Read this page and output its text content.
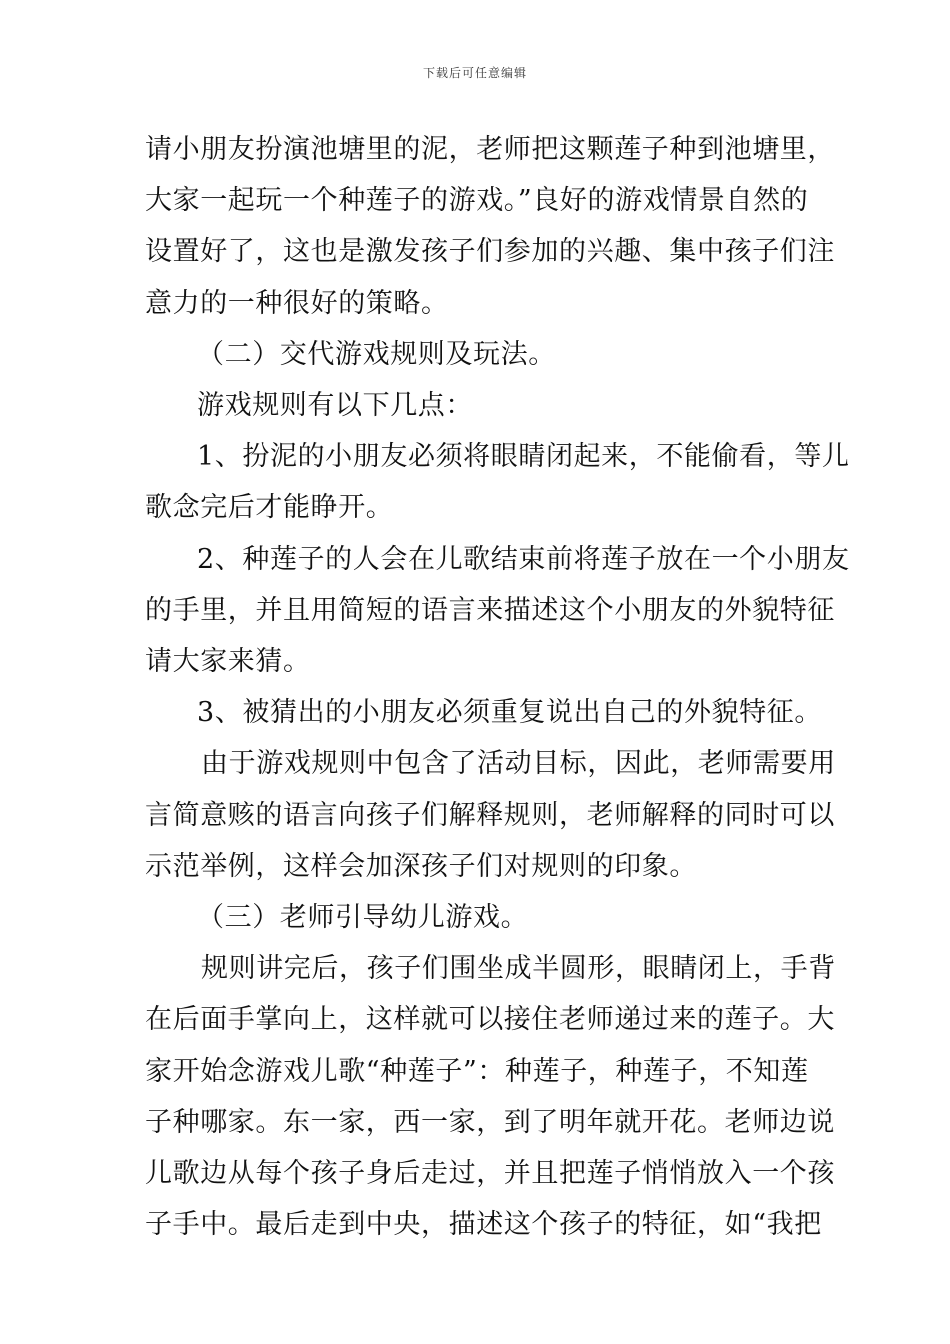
下载后可任意编辑
请小朋友扮演池塘里的泥，老师把这颗莲子种到池塘里，
大家一起玩一个种莲子的游戏。”良好的游戏情景自然的
设置好了，这也是激发孩子们参加的兴趣、集中孩子们注
意力的一种很好的策略。
（二）交代游戏规则及玩法。
游戏规则有以下几点：
1、扮泥的小朋友必须将眼睛闭起来，不能偷看，等儿
歌念完后才能睁开。
2、种莲子的人会在儿歌结束前将莲子放在一个小朋友
的手里，并且用简短的语言来描述这个小朋友的外貌特征
请大家来猜。
3、被猜出的小朋友必须重复说出自己的外貌特征。
由于游戏规则中包含了活动目标，因此，老师需要用
言简意赅的语言向孩子们解释规则，老师解释的同时可以
示范举例，这样会加深孩子们对规则的印象。
（三）老师引导幼儿游戏。
规则讲完后，孩子们围坐成半圆形，眼睛闭上，手背
在后面手掌向上，这样就可以接住老师递过来的莲子。大
家开始念游戏儿歌“种莲子”：种莲子，种莲子，不知莲
子种哪家。东一家，西一家，到了明年就开花。老师边说
儿歌边从每个孩子身后走过，并且把莲子悄悄放入一个孩
子手中。最后走到中央，描述这个孩子的特征，如“我把
